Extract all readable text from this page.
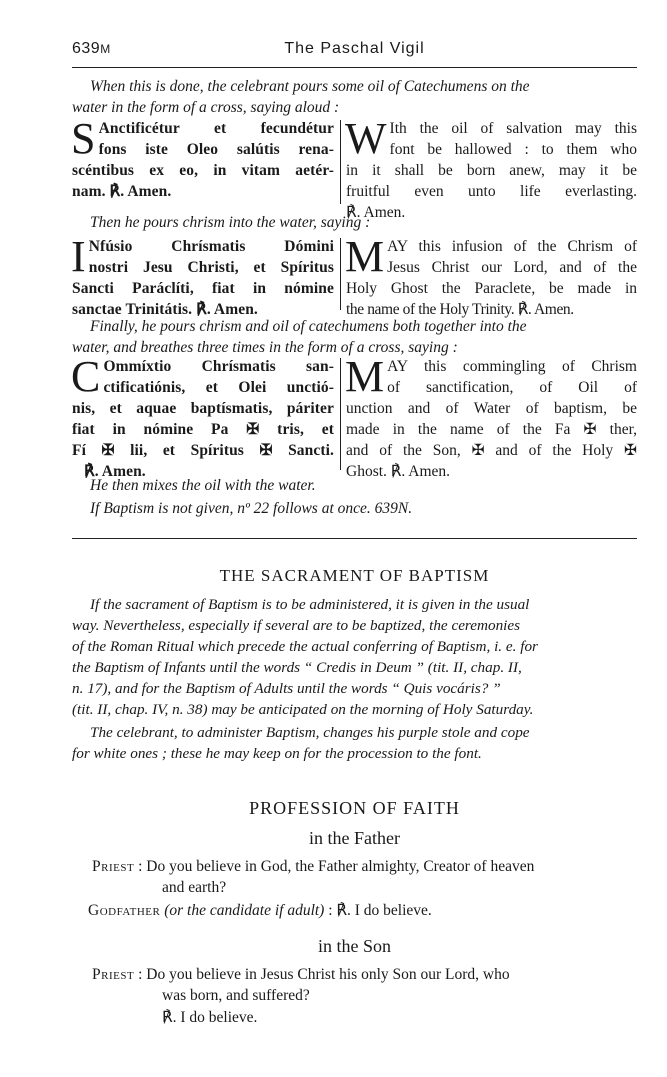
639M	The Paschal Vigil
When this is done, the celebrant pours some oil of Catechumens on the
water in the form of a cross, saying aloud :
S Anctificétur et fecundétur
fons iste Oleo salútis rena-
scéntibus ex eo, in vitam aetér-
nam. ℟. Amen.
W Ith the oil of salvation may this
font be hallowed : to them who
in it shall be born anew, may it be
fruitful even unto life everlasting.
℟. Amen.
Then he pours chrism into the water, saying :
I Nfúsio Chrísmatis Dómini
nostri Jesu Christi, et Spíritus
Sancti Paráclíti, fiat in nómine
sanctae Trinitátis. ℟. Amen.
M AY this infusion of the Chrism of
Jesus Christ our Lord, and of the
Holy Ghost the Paraclete, be made in
the name of the Holy Trinity. ℟. Amen.
Finally, he pours chrism and oil of catechumens both together into the
water, and breathes three times in the form of a cross, saying :
C Ommíxtio Chrísmatis san-
ctificatiónis, et Olei unctió-
nis, et aquae baptísmatis, páriter
fiat in nómine Pa ✠ tris, et
Fí ✠ lii, et Spíritus ✠ Sancti.
℟. Amen.
M AY this commingling of Chrism
of sanctification, of Oil of
unction and of Water of baptism, be
made in the name of the Fa ✠ ther,
and of the Son, ✠ and of the Holy ✠
Ghost. ℟. Amen.
He then mixes the oil with the water.
If Baptism is not given, nº 22 follows at once. 639N.
THE SACRAMENT OF BAPTISM
If the sacrament of Baptism is to be administered, it is given in the usual
way. Nevertheless, especially if several are to be baptized, the ceremonies
of the Roman Ritual which precede the actual conferring of Baptism, i. e. for
the Baptism of Infants until the words “ Credis in Deum ” (tit. II, chap. II,
n. 17), and for the Baptism of Adults until the words “ Quis vocáris? ”
(tit. II, chap. IV, n. 38) may be anticipated on the morning of Holy Saturday.
The celebrant, to administer Baptism, changes his purple stole and cope
for white ones ; these he may keep on for the procession to the font.
PROFESSION OF FAITH
in the Father
Priest : Do you believe in God, the Father almighty, Creator of heaven
and earth?
Godfather (or the candidate if adult) : ℟. I do believe.
in the Son
Priest : Do you believe in Jesus Christ his only Son our Lord, who
was born, and suffered?
℟. I do believe.
